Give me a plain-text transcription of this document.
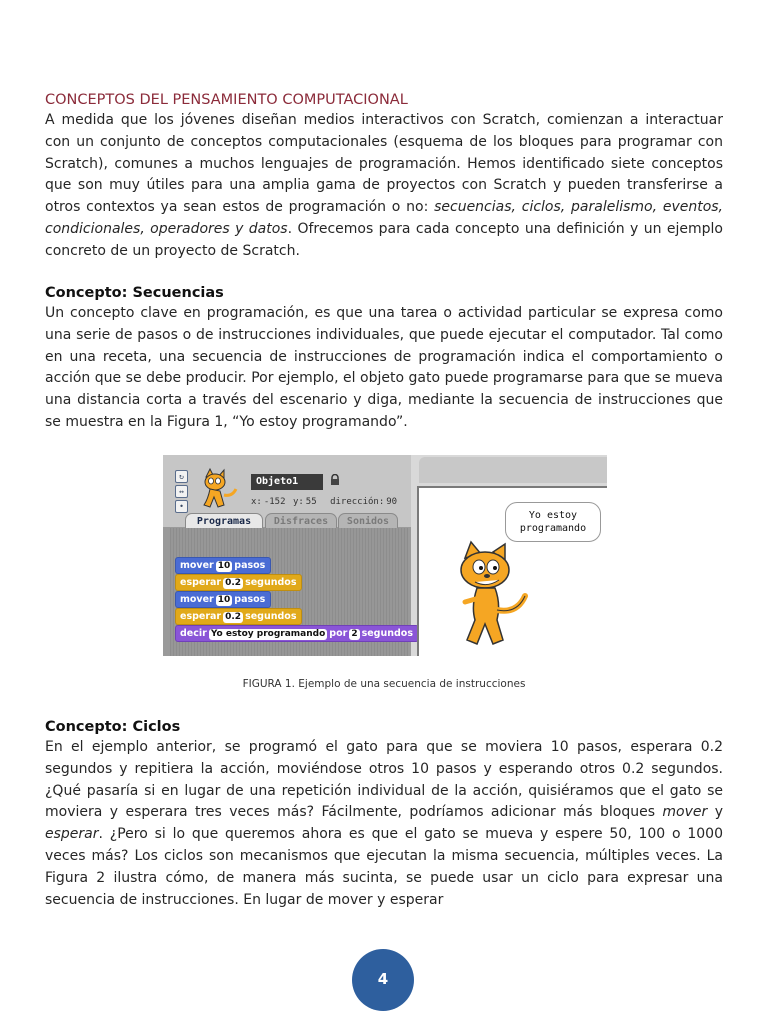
CONCEPTOS DEL PENSAMIENTO COMPUTACIONAL

A medida que los jóvenes diseñan medios interactivos con Scratch, comienzan a interactuar con un conjunto de conceptos computacionales (esquema de los bloques para programar con Scratch), comunes a muchos lenguajes de programación. Hemos identificado siete conceptos que son muy útiles para una amplia gama de proyectos con Scratch y pueden transferirse a otros contextos ya sean estos de programación o no: secuencias, ciclos, paralelismo, eventos, condicionales, operadores y datos. Ofrecemos para cada concepto una definición y un ejemplo concreto de un proyecto de Scratch.

Concepto: Secuencias

Un concepto clave en programación, es que una tarea o actividad particular se expresa como una serie de pasos o de instrucciones individuales, que puede ejecutar el computador. Tal como en una receta, una secuencia de instrucciones de programación indica el comportamiento o acción que se debe producir. Por ejemplo, el objeto gato puede programarse para que se mueva una distancia corta a través del escenario y diga, mediante la secuencia de instrucciones que se muestra en la Figura 1, “Yo estoy programando”.

↻
↔
•
Objeto1
x: -152 y: 55 dirección: 90
Programas	Disfraces	Sonidos
mover 10 pasos
esperar 0.2 segundos
mover 10 pasos
esperar 0.2 segundos
decir Yo estoy programando por 2 segundos
Yo estoy
programando
FIGURA 1. Ejemplo de una secuencia de instrucciones
Concepto: Ciclos

En el ejemplo anterior, se programó el gato para que se moviera 10 pasos, esperara 0.2 segundos y repitiera la acción, moviéndose otros 10 pasos y esperando otros 0.2 segundos. ¿Qué pasaría si en lugar de una repetición individual de la acción, quisiéramos que el gato se moviera y esperara tres veces más? Fácilmente, podríamos adicionar más bloques mover y esperar. ¿Pero si lo que queremos ahora es que el gato se mueva y espere 50, 100 o 1000 veces más? Los ciclos son mecanismos que ejecutan la misma secuencia, múltiples veces. La Figura 2 ilustra cómo, de manera más sucinta, se puede usar un ciclo para expresar una secuencia de instrucciones. En lugar de mover y esperar

4
